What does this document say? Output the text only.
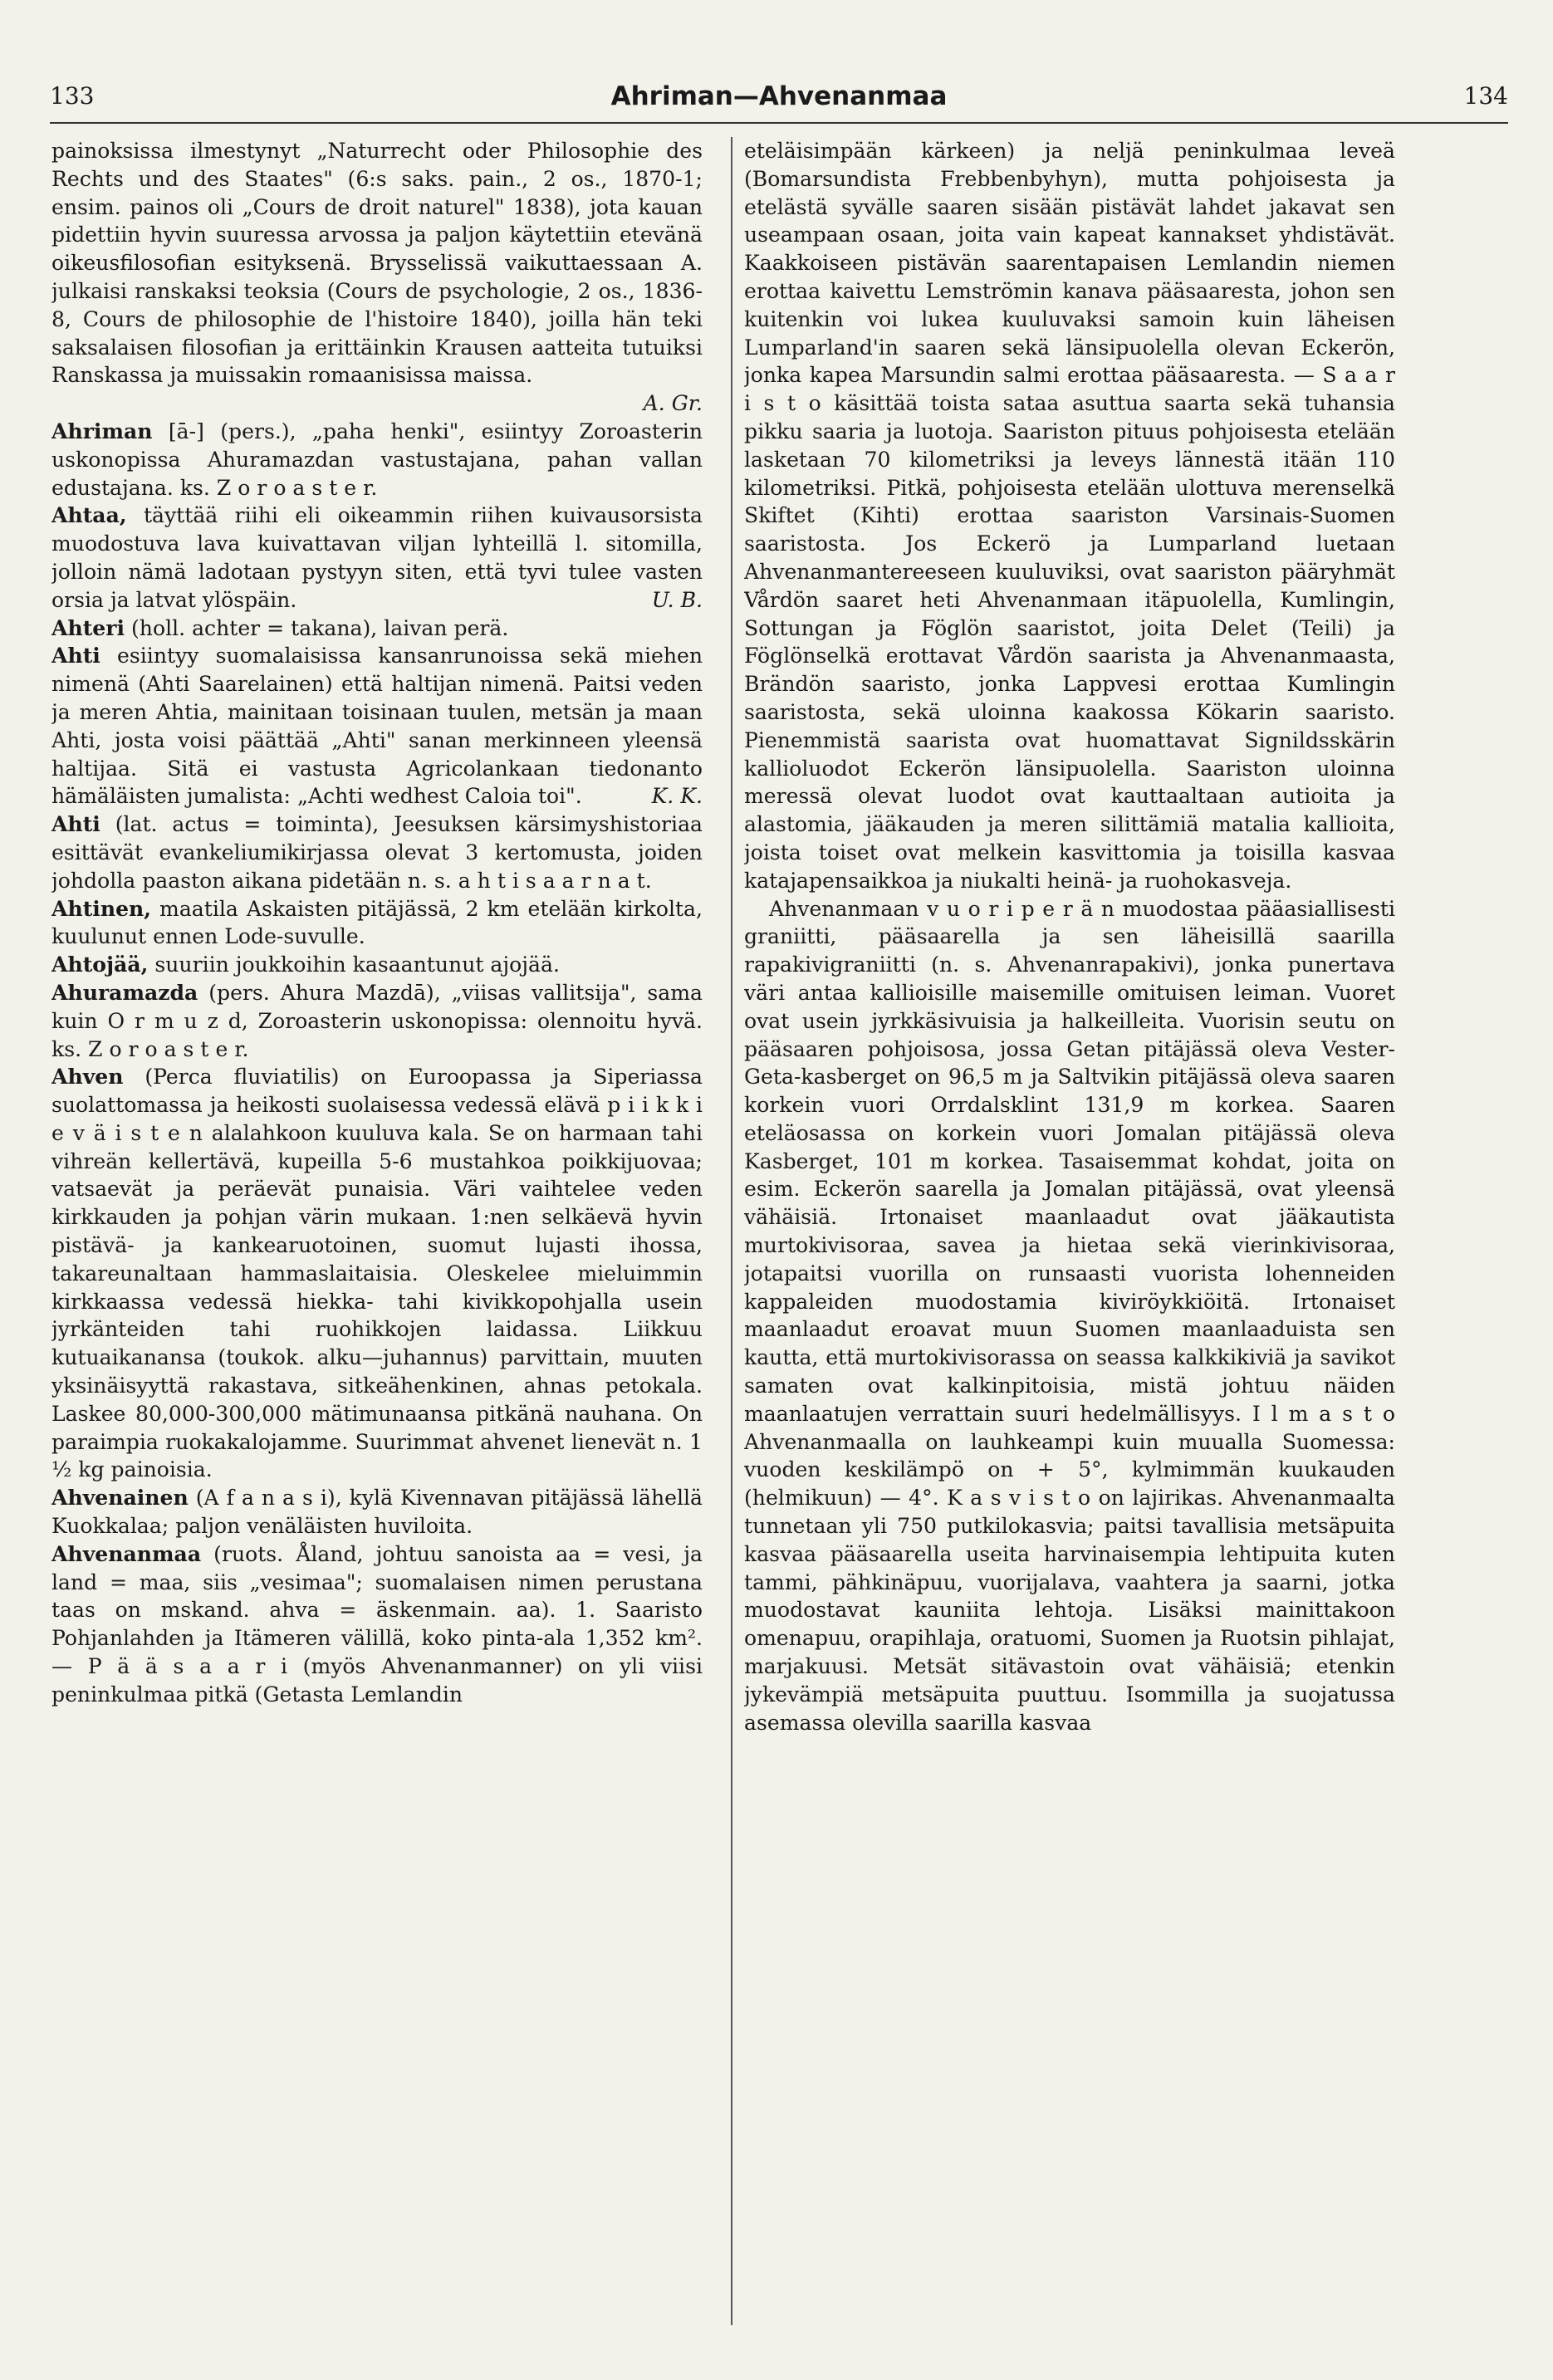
133	Ahriman—Ahvenanmaa	134

painoksissa ilmestynyt „Naturrecht oder Philosophie des Rechts und des Staates" (6:s saks. pain., 2 os., 1870-1; ensim. painos oli „Cours de droit naturel" 1838), jota kauan pidettiin hyvin suuressa arvossa ja paljon käytettiin etevänä oikeusfilosofian esityksenä. Brysselissä vaikuttaessaan A. julkaisi ranskaksi teoksia (Cours de psychologie, 2 os., 1836-8, Cours de philosophie de l'histoire 1840), joilla hän teki saksalaisen filosofian ja erittäinkin Krausen aatteita tutuiksi Ranskassa ja muissakin romaanisissa maissa.

A. Gr.

Ahriman [ā-] (pers.), „paha henki", esiintyy Zoroasterin uskonopissa Ahuramazdan vastustajana, pahan vallan edustajana. ks. Z o r o a s t e r.

Ahtaa, täyttää riihi eli oikeammin riihen kuivausorsista muodostuva lava kuivattavan viljan lyhteillä l. sitomilla, jolloin nämä ladotaan pystyyn siten, että tyvi tulee vasten orsia ja latvat ylöspäin.	U. B.

Ahteri (holl. achter = takana), laivan perä.

Ahti esiintyy suomalaisissa kansanrunoissa sekä miehen nimenä (Ahti Saarelainen) että haltijan nimenä. Paitsi veden ja meren Ahtia, mainitaan toisinaan tuulen, metsän ja maan Ahti, josta voisi päättää „Ahti" sanan merkinneen yleensä haltijaa. Sitä ei vastusta Agricolankaan tiedonanto hämäläisten jumalista: „Achti wedhest Caloia toi".	K. K.

Ahti (lat. actus = toiminta), Jeesuksen kärsimyshistoriaa esittävät evankeliumikirjassa olevat 3 kertomusta, joiden johdolla paaston aikana pidetään n. s. a h t i s a a r n a t.

Ahtinen, maatila Askaisten pitäjässä, 2 km etelään kirkolta, kuulunut ennen Lode-suvulle.

Ahtojää, suuriin joukkoihin kasaantunut ajojää.

Ahuramazda (pers. Ahura Mazdā), „viisas vallitsija", sama kuin O r m u z d, Zoroasterin uskonopissa: olennoitu hyvä. ks. Z o r o a s t e r.

Ahven (Perca fluviatilis) on Euroopassa ja Siperiassa suolattomassa ja heikosti suolaisessa vedessä elävä p i i k k i e v ä i s t e n alalahkoon kuuluva kala. Se on harmaan tahi vihreän kellertävä, kupeilla 5-6 mustahkoa poikkijuovaa; vatsaevät ja peräevät punaisia. Väri vaihtelee veden kirkkauden ja pohjan värin mukaan. 1:nen selkäevä hyvin pistävä- ja kankearuotoinen, suomut lujasti ihossa, takareunaltaan hammaslaitaisia. Oleskelee mieluimmin kirkkaassa vedessä hiekka- tahi kivikkopohjalla usein jyrkänteiden tahi ruohikkojen laidassa. Liikkuu kutuaikanansa (toukok. alku—juhannus) parvittain, muuten yksinäisyyttä rakastava, sitkeähenkinen, ahnas petokala. Laskee 80,000-300,000 mätimunaansa pitkänä nauhana. On paraimpia ruokakalojamme. Suurimmat ahvenet lienevät n. 1 ½ kg painoisia.

Ahvenainen (A f a n a s i), kylä Kivennavan pitäjässä lähellä Kuokkalaa; paljon venäläisten huviloita.

Ahvenanmaa (ruots. Åland, johtuu sanoista aa = vesi, ja land = maa, siis „vesimaa"; suomalaisen nimen perustana taas on mskand. ahva = äskenmain. aa). 1. Saaristo Pohjanlahden ja Itämeren välillä, koko pinta-ala 1,352 km². — P ä ä s a a r i (myös Ahvenanmanner) on yli viisi peninkulmaa pitkä (Getasta Lemlandin

eteläisimpään kärkeen) ja neljä peninkulmaa leveä (Bomarsundista Frebbenbyhyn), mutta pohjoisesta ja etelästä syvälle saaren sisään pistävät lahdet jakavat sen useampaan osaan, joita vain kapeat kannakset yhdistävät. Kaakkoiseen pistävän saarentapaisen Lemlandin niemen erottaa kaivettu Lemströmin kanava pääsaaresta, johon sen kuitenkin voi lukea kuuluvaksi samoin kuin läheisen Lumparland'in saaren sekä länsipuolella olevan Eckerön, jonka kapea Marsundin salmi erottaa pääsaaresta. — S a a r i s t o käsittää toista sataa asuttua saarta sekä tuhansia pikku saaria ja luotoja. Saariston pituus pohjoisesta etelään lasketaan 70 kilometriksi ja leveys lännestä itään 110 kilometriksi. Pitkä, pohjoisesta etelään ulottuva merenselkä Skiftet (Kihti) erottaa saariston Varsinais-Suomen saaristosta. Jos Eckerö ja Lumparland luetaan Ahvenanmantereeseen kuuluviksi, ovat saariston pääryhmät Vårdön saaret heti Ahvenanmaan itäpuolella, Kumlingin, Sottungan ja Föglön saaristot, joita Delet (Teili) ja Föglönselkä erottavat Vårdön saarista ja Ahvenanmaasta, Brändön saaristo, jonka Lappvesi erottaa Kumlingin saaristosta, sekä uloinna kaakossa Kökarin saaristo. Pienemmistä saarista ovat huomattavat Signildsskärin kallioluodot Eckerön länsipuolella. Saariston uloinna meressä olevat luodot ovat kauttaaltaan autioita ja alastomia, jääkauden ja meren silittämiä matalia kallioita, joista toiset ovat melkein kasvittomia ja toisilla kasvaa katajapensaikkoa ja niukalti heinä- ja ruohokasveja.

Ahvenanmaan v u o r i p e r ä n muodostaa pääasiallisesti graniitti, pääsaarella ja sen läheisillä saarilla rapakivigraniitti (n. s. Ahvenanrapakivi), jonka punertava väri antaa kallioisille maisemille omituisen leiman. Vuoret ovat usein jyrkkäsivuisia ja halkeilleita. Vuorisin seutu on pääsaaren pohjoisosa, jossa Getan pitäjässä oleva Vester-Geta-kasberget on 96,5 m ja Saltvikin pitäjässä oleva saaren korkein vuori Orrdalsklint 131,9 m korkea. Saaren eteläosassa on korkein vuori Jomalan pitäjässä oleva Kasberget, 101 m korkea. Tasaisemmat kohdat, joita on esim. Eckerön saarella ja Jomalan pitäjässä, ovat yleensä vähäisiä. Irtonaiset maanlaadut ovat jääkautista murtokivisoraa, savea ja hietaa sekä vierinkivisoraa, jotapaitsi vuorilla on runsaasti vuorista lohenneiden kappaleiden muodostamia kiviröykkiöitä. Irtonaiset maanlaadut eroavat muun Suomen maanlaaduista sen kautta, että murtokivisorassa on seassa kalkkikiviä ja savikot samaten ovat kalkinpitoisia, mistä johtuu näiden maanlaatujen verrattain suuri hedelmällisyys. I l m a s t o Ahvenanmaalla on lauhkeampi kuin muualla Suomessa: vuoden keskilämpö on + 5°, kylmimmän kuukauden (helmikuun) — 4°. K a s v i s t o on lajirikas. Ahvenanmaalta tunnetaan yli 750 putkilokasvia; paitsi tavallisia metsäpuita kasvaa pääsaarella useita harvinaisempia lehtipuita kuten tammi, pähkinäpuu, vuorijalava, vaahtera ja saarni, jotka muodostavat kauniita lehtoja. Lisäksi mainittakoon omenapuu, orapihlaja, oratuomi, Suomen ja Ruotsin pihlajat, marjakuusi. Metsät sitävastoin ovat vähäisiä; etenkin jykevämpiä metsäpuita puuttuu. Isommilla ja suojatussa asemassa olevilla saarilla kasvaa
